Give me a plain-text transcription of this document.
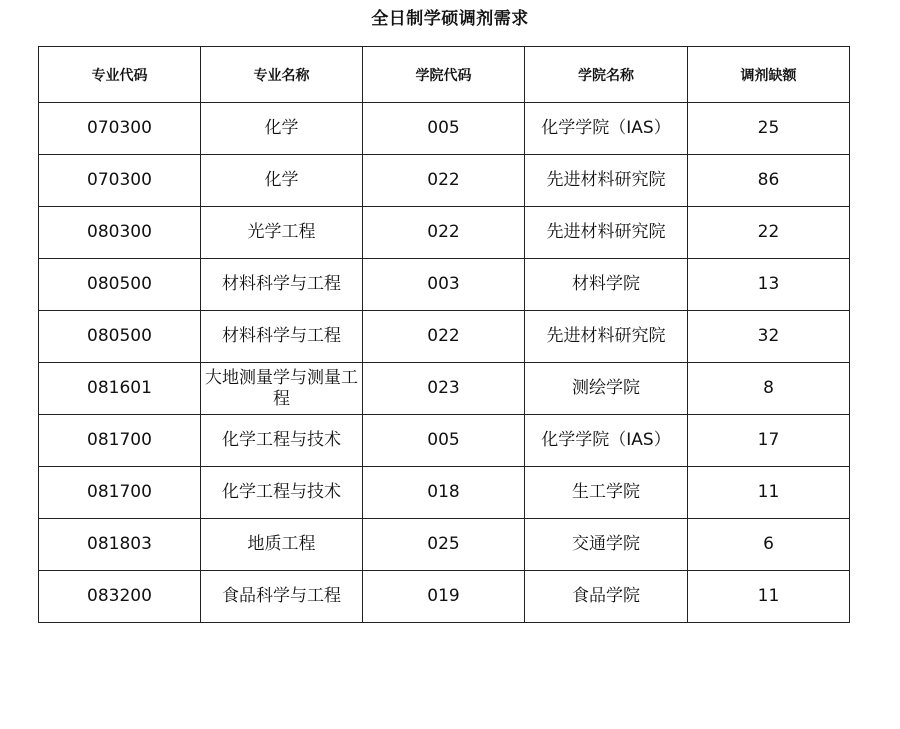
全日制学硕调剂需求
专业代码	专业名称	学院代码	学院名称	调剂缺额
070300	化学	005	化学学院（IAS）	25
070300	化学	022	先进材料研究院	86
080300	光学工程	022	先进材料研究院	22
080500	材料科学与工程	003	材料学院	13
080500	材料科学与工程	022	先进材料研究院	32
081601	大地测量学与测量工程	023	测绘学院	8
081700	化学工程与技术	005	化学学院（IAS）	17
081700	化学工程与技术	018	生工学院	11
081803	地质工程	025	交通学院	6
083200	食品科学与工程	019	食品学院	11
